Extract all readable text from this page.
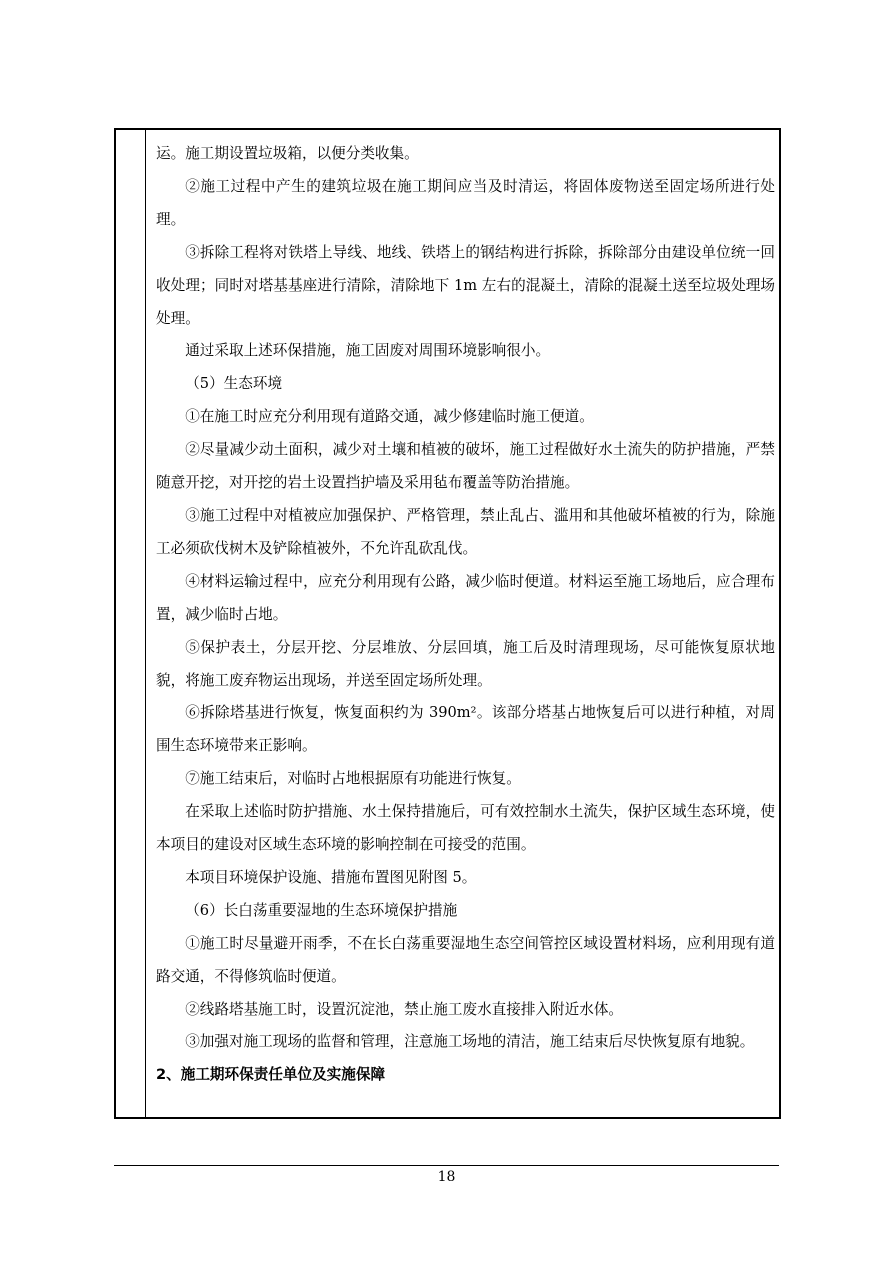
运。施工期设置垃圾箱，以便分类收集。

②施工过程中产生的建筑垃圾在施工期间应当及时清运，将固体废物送至固定场所进行处理。

③拆除工程将对铁塔上导线、地线、铁塔上的钢结构进行拆除，拆除部分由建设单位统一回收处理；同时对塔基基座进行清除，清除地下 1m 左右的混凝土，清除的混凝土送至垃圾处理场处理。

通过采取上述环保措施，施工固废对周围环境影响很小。

（5）生态环境

①在施工时应充分利用现有道路交通，减少修建临时施工便道。

②尽量减少动土面积，减少对土壤和植被的破坏，施工过程做好水土流失的防护措施，严禁随意开挖，对开挖的岩土设置挡护墙及采用毡布覆盖等防治措施。

③施工过程中对植被应加强保护、严格管理，禁止乱占、滥用和其他破坏植被的行为，除施工必须砍伐树木及铲除植被外，不允许乱砍乱伐。

④材料运输过程中，应充分利用现有公路，减少临时便道。材料运至施工场地后，应合理布置，减少临时占地。

⑤保护表土，分层开挖、分层堆放、分层回填，施工后及时清理现场，尽可能恢复原状地貌，将施工废弃物运出现场，并送至固定场所处理。

⑥拆除塔基进行恢复，恢复面积约为 390m²。该部分塔基占地恢复后可以进行种植，对周围生态环境带来正影响。

⑦施工结束后，对临时占地根据原有功能进行恢复。

在采取上述临时防护措施、水土保持措施后，可有效控制水土流失，保护区域生态环境，使本项目的建设对区域生态环境的影响控制在可接受的范围。

本项目环境保护设施、措施布置图见附图 5。

（6）长白荡重要湿地的生态环境保护措施

①施工时尽量避开雨季，不在长白荡重要湿地生态空间管控区域设置材料场，应利用现有道路交通，不得修筑临时便道。

②线路塔基施工时，设置沉淀池，禁止施工废水直接排入附近水体。

③加强对施工现场的监督和管理，注意施工场地的清洁，施工结束后尽快恢复原有地貌。

2、施工期环保责任单位及实施保障

18
